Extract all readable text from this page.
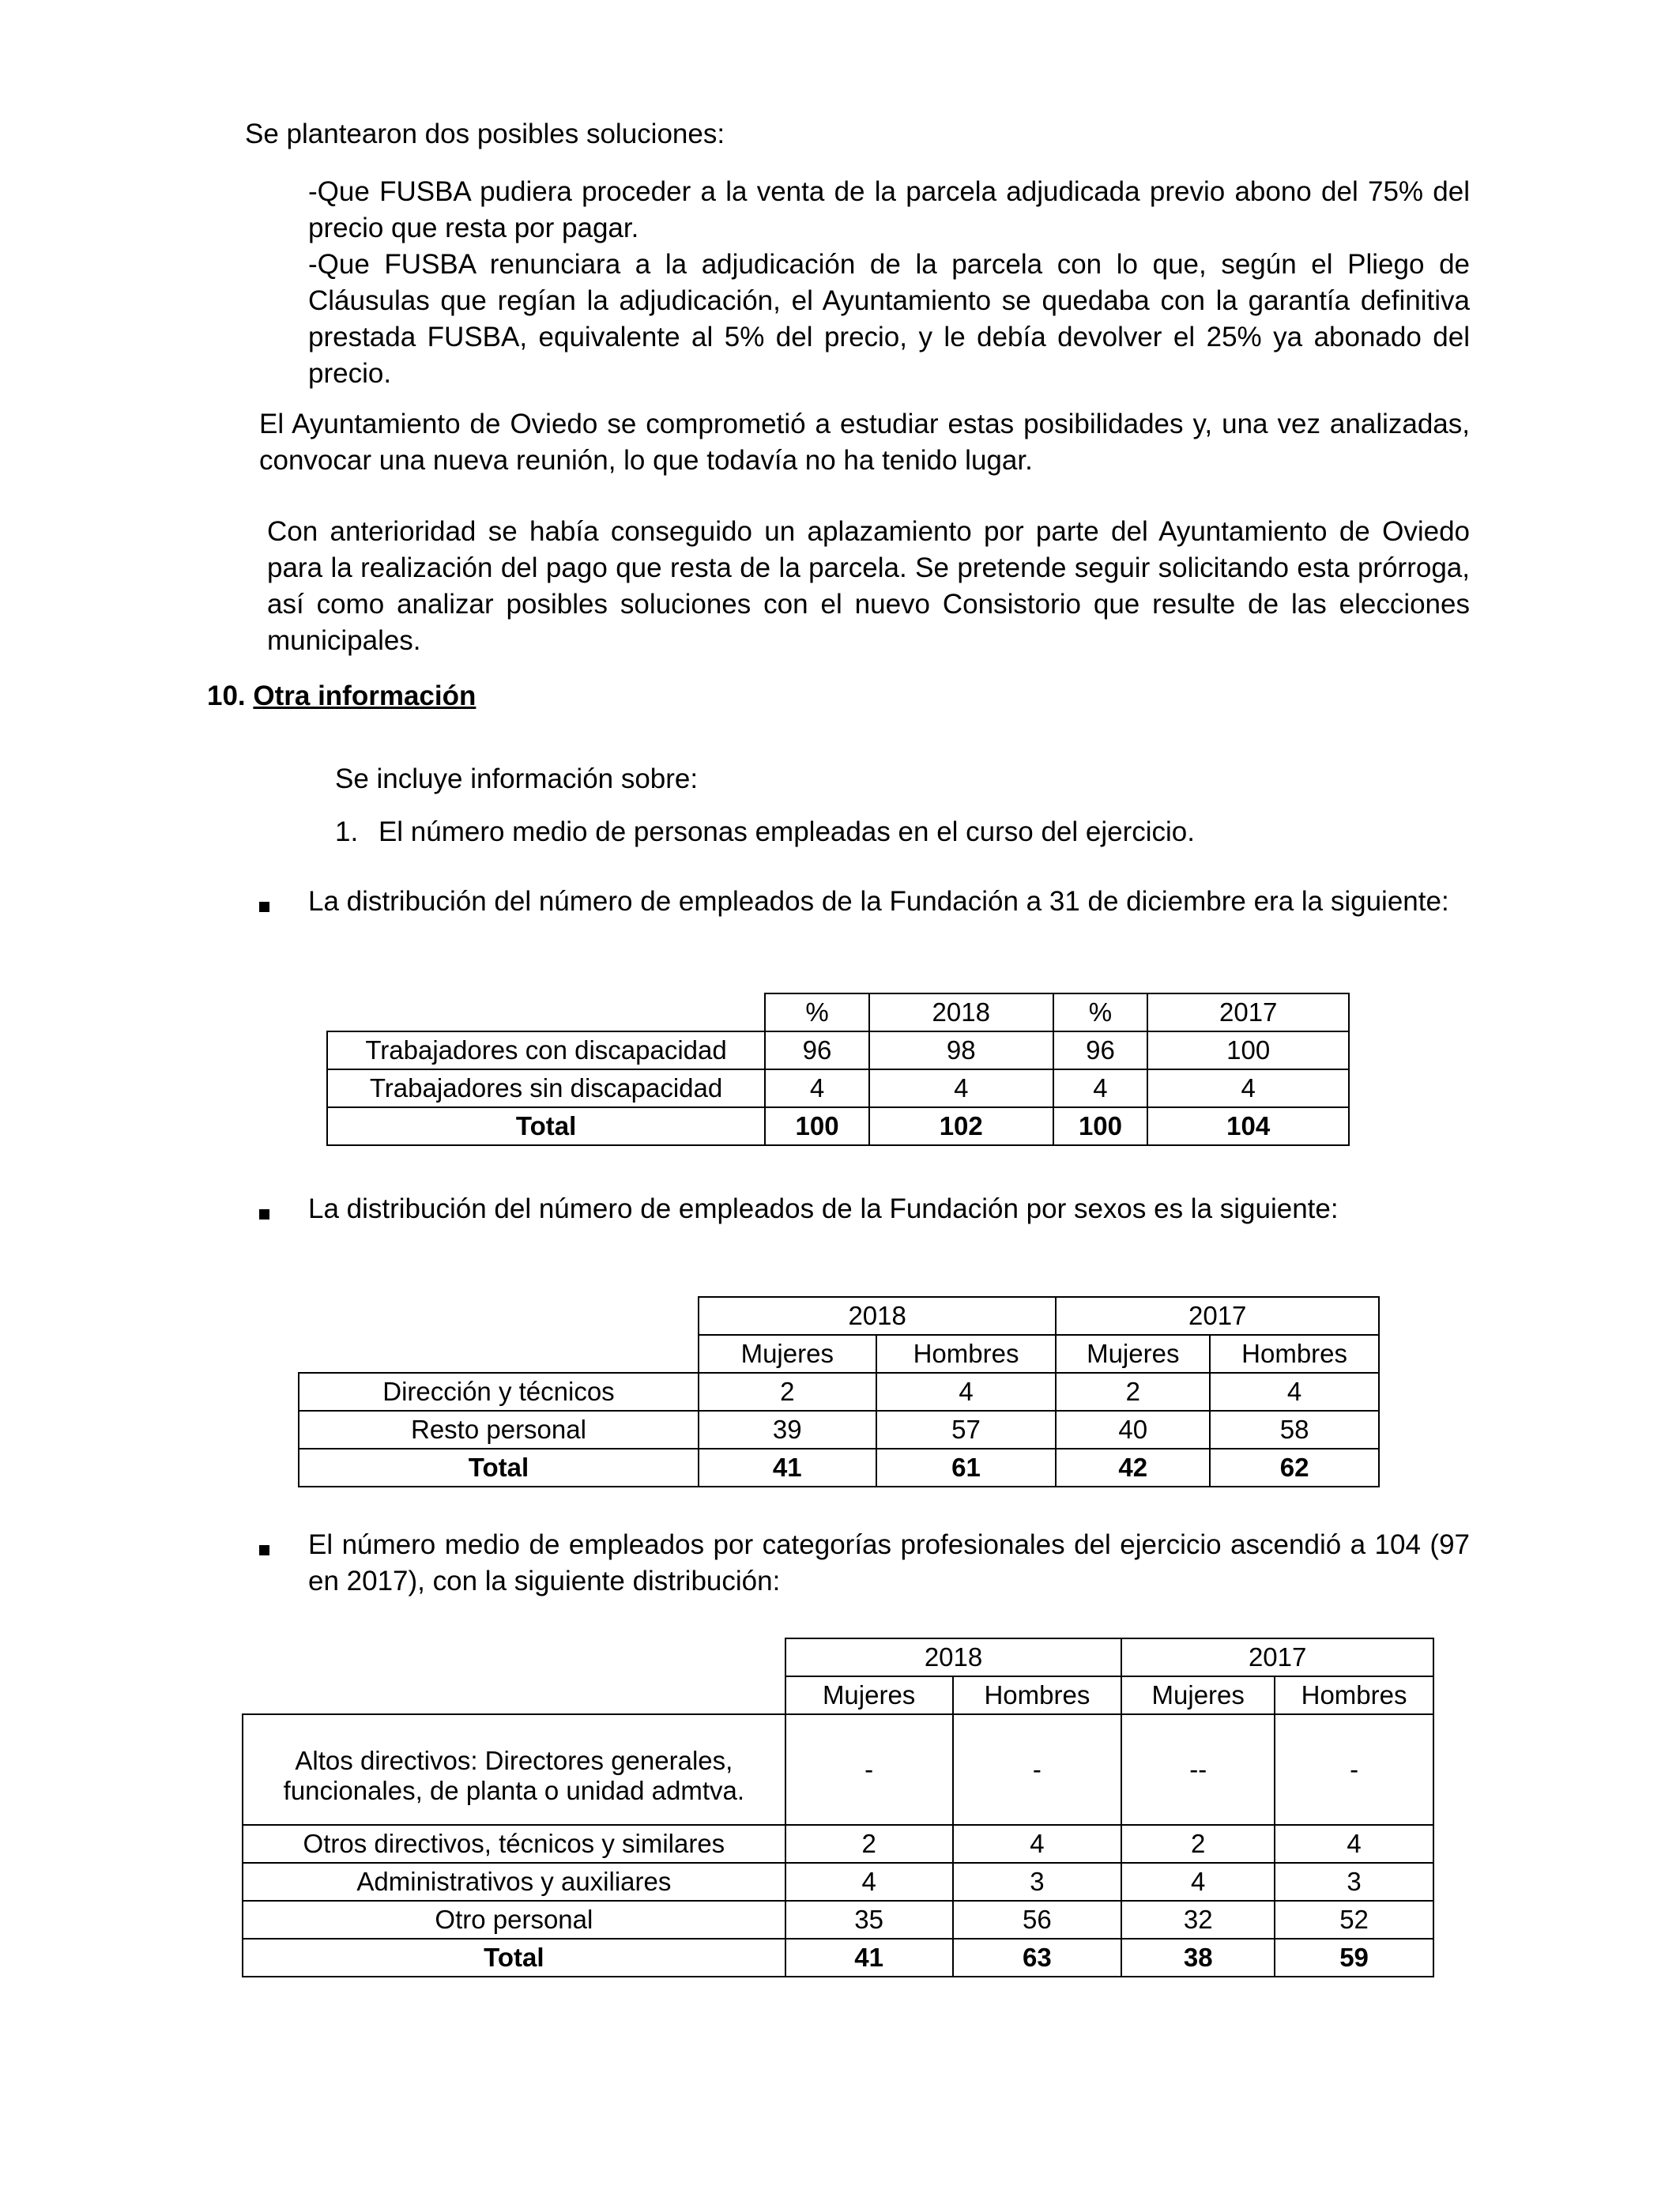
Se plantearon dos posibles soluciones:

-Que FUSBA pudiera proceder a la venta de la parcela adjudicada previo abono del 75% del precio que resta por pagar.

-Que FUSBA renunciara a la adjudicación de la parcela con lo que, según el Pliego de Cláusulas que regían la adjudicación, el Ayuntamiento se quedaba con la garantía definitiva prestada FUSBA, equivalente al 5% del precio, y le debía devolver el 25% ya abonado del precio.

El Ayuntamiento de Oviedo se comprometió a estudiar estas posibilidades y, una vez analizadas, convocar una nueva reunión, lo que todavía no ha tenido lugar.

Con anterioridad se había conseguido un aplazamiento por parte del Ayuntamiento de Oviedo para la realización del pago que resta de la parcela. Se pretende seguir solicitando esta prórroga, así como analizar posibles soluciones con el nuevo Consistorio que resulte de las elecciones municipales.

10. Otra información

Se incluye información sobre:

1. El número medio de personas empleadas en el curso del ejercicio.

La distribución del número de empleados de la Fundación a 31 de diciembre era la siguiente:

	%	2018	%	2017
Trabajadores con discapacidad	96	98	96	100
Trabajadores sin discapacidad	4	4	4	4
Total	100	102	100	104

La distribución del número de empleados de la Fundación por sexos es la siguiente:

	2018		2017	
	Mujeres	Hombres	Mujeres	Hombres
Dirección y técnicos	2	4	2	4
Resto personal	39	57	40	58
Total	41	61	42	62

El número medio de empleados por categorías profesionales del ejercicio ascendió a 104 (97 en 2017), con la siguiente distribución:

	2018		2017	
	Mujeres	Hombres	Mujeres	Hombres

Altos directivos: Directores generales,
funcionales, de planta o unidad admtva.	-	-	--	-
Otros directivos, técnicos y similares	2	4	2	4
Administrativos y auxiliares	4	3	4	3
Otro personal	35	56	32	52
Total	41	63	38	59
